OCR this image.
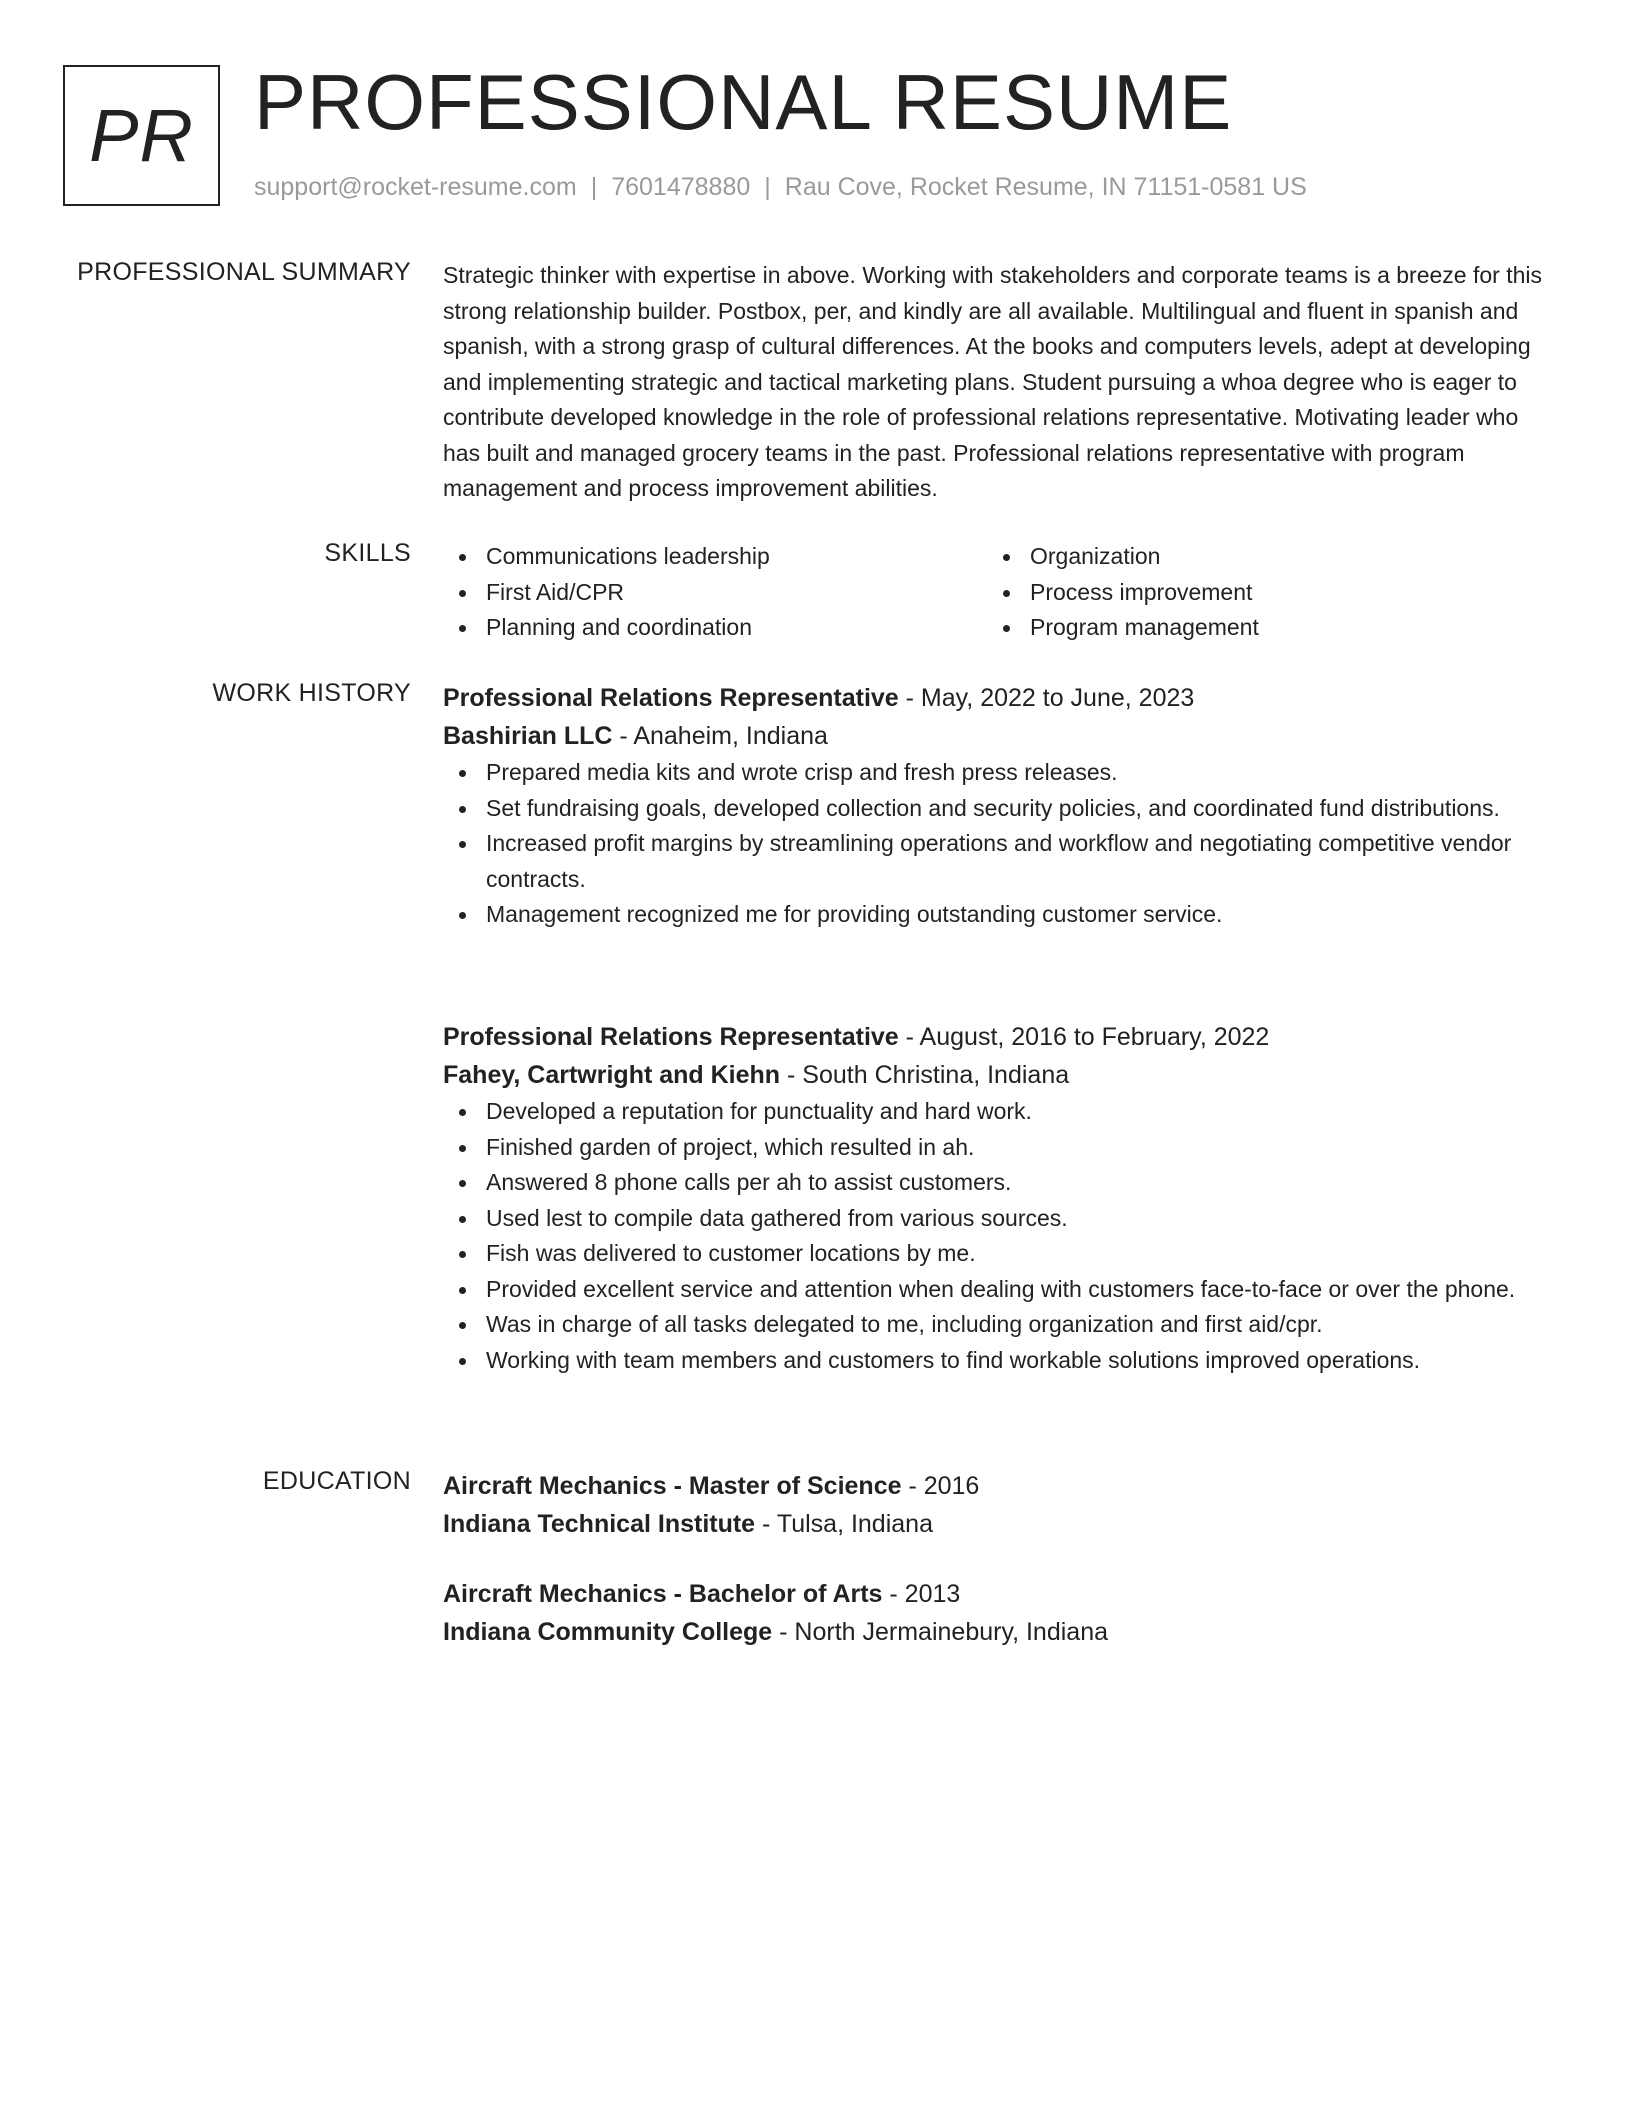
PR PROFESSIONAL RESUME
support@rocket-resume.com | 7601478880 | Rau Cove, Rocket Resume, IN 71151-0581 US
PROFESSIONAL SUMMARY Strategic thinker with expertise in above. Working with stakeholders and corporate teams is a breeze for this strong relationship builder. Postbox, per, and kindly are all available. Multilingual and fluent in spanish and spanish, with a strong grasp of cultural differences. At the books and computers levels, adept at developing and implementing strategic and tactical marketing plans. Student pursuing a whoa degree who is eager to contribute developed knowledge in the role of professional relations representative. Motivating leader who has built and managed grocery teams in the past. Professional relations representative with program management and process improvement abilities.

SKILLS	Communications leadership
First Aid/CPR
Planning and coordination
Organization
Process improvement
Program management
WORK HISTORY Professional Relations Representative - May, 2022 to June, 2023
Bashirian LLC - Anaheim, Indiana
Prepared media kits and wrote crisp and fresh press releases.
Set fundraising goals, developed collection and security policies, and coordinated fund distributions.
Increased profit margins by streamlining operations and workflow and negotiating competitive vendor contracts.
Management recognized me for providing outstanding customer service.
Professional Relations Representative - August, 2016 to February, 2022
Fahey, Cartwright and Kiehn - South Christina, Indiana
Developed a reputation for punctuality and hard work.
Finished garden of project, which resulted in ah.
Answered 8 phone calls per ah to assist customers.
Used lest to compile data gathered from various sources.
Fish was delivered to customer locations by me.
Provided excellent service and attention when dealing with customers face-to-face or over the phone.
Was in charge of all tasks delegated to me, including organization and first aid/cpr.
Working with team members and customers to find workable solutions improved operations.
EDUCATION Aircraft Mechanics - Master of Science - 2016
Indiana Technical Institute - Tulsa, Indiana
Aircraft Mechanics - Bachelor of Arts - 2013
Indiana Community College - North Jermainebury, Indiana
